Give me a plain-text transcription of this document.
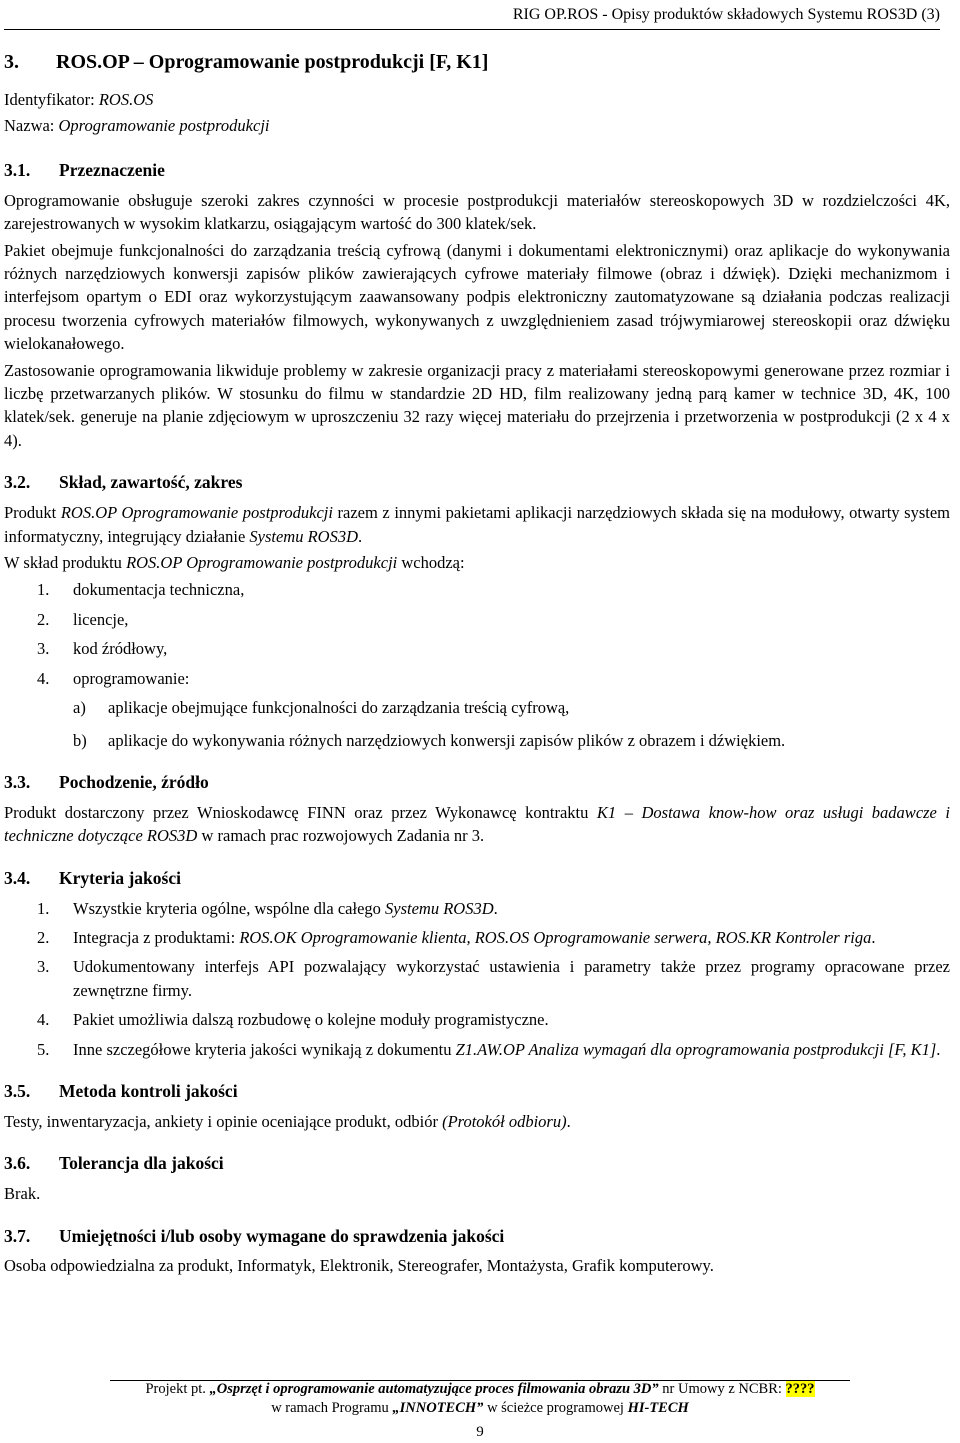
RIG OP.ROS - Opisy produktów składowych Systemu ROS3D (3)
3. ROS.OP – Oprogramowanie postprodukcji [F, K1]

Identyfikator: ROS.OS

Nazwa: Oprogramowanie postprodukcji

3.1. Przeznaczenie

Oprogramowanie obsługuje szeroki zakres czynności w procesie postprodukcji materiałów stereoskopowych 3D w rozdzielczości 4K, zarejestrowanych w wysokim klatkarzu, osiągającym wartość do 300 klatek/sek.

Pakiet obejmuje funkcjonalności do zarządzania treścią cyfrową (danymi i dokumentami elektronicznymi) oraz aplikacje do wykonywania różnych narzędziowych konwersji zapisów plików zawierających cyfrowe materiały filmowe (obraz i dźwięk). Dzięki mechanizmom i interfejsom opartym o EDI oraz wykorzystującym zaawansowany podpis elektroniczny zautomatyzowane są działania podczas realizacji procesu tworzenia cyfrowych materiałów filmowych, wykonywanych z uwzględnieniem zasad trójwymiarowej stereoskopii oraz dźwięku wielokanałowego.

Zastosowanie oprogramowania likwiduje problemy w zakresie organizacji pracy z materiałami stereoskopowymi generowane przez rozmiar i liczbę przetwarzanych plików. W stosunku do filmu w standardzie 2D HD, film realizowany jedną parą kamer w technice 3D, 4K, 100 klatek/sek. generuje na planie zdjęciowym w uproszczeniu 32 razy więcej materiału do przejrzenia i przetworzenia w postprodukcji (2 x 4 x 4).

3.2. Skład, zawartość, zakres

Produkt ROS.OP Oprogramowanie postprodukcji razem z innymi pakietami aplikacji narzędziowych składa się na modułowy, otwarty system informatyczny, integrujący działanie Systemu ROS3D.

W skład produktu ROS.OP Oprogramowanie postprodukcji wchodzą:

1. dokumentacja techniczna,
2. licencje,
3. kod źródłowy,
4. oprogramowanie:
a) aplikacje obejmujące funkcjonalności do zarządzania treścią cyfrową,
b) aplikacje do wykonywania różnych narzędziowych konwersji zapisów plików z obrazem i dźwiękiem.
3.3. Pochodzenie, źródło

Produkt dostarczony przez Wnioskodawcę FINN oraz przez Wykonawcę kontraktu K1 – Dostawa know-how oraz usługi badawcze i techniczne dotyczące ROS3D w ramach prac rozwojowych Zadania nr 3.

3.4. Kryteria jakości
1. Wszystkie kryteria ogólne, wspólne dla całego Systemu ROS3D.
2. Integracja z produktami: ROS.OK Oprogramowanie klienta, ROS.OS Oprogramowanie serwera, ROS.KR Kontroler riga.
3. Udokumentowany interfejs API pozwalający wykorzystać ustawienia i parametry także przez programy opracowane przez zewnętrzne firmy.
4. Pakiet umożliwia dalszą rozbudowę o kolejne moduły programistyczne.
5. Inne szczegółowe kryteria jakości wynikają z dokumentu Z1.AW.OP Analiza wymagań dla oprogramowania postprodukcji [F, K1].
3.5. Metoda kontroli jakości

Testy, inwentaryzacja, ankiety i opinie oceniające produkt, odbiór (Protokół odbioru).

3.6. Tolerancja dla jakości

Brak.

3.7. Umiejętności i/lub osoby wymagane do sprawdzenia jakości

Osoba odpowiedzialna za produkt, Informatyk, Elektronik, Stereografer, Montażysta, Grafik komputerowy.

Projekt pt. „Osprzęt i oprogramowanie automatyzujące proces filmowania obrazu 3D” nr Umowy z NCBR: ????
w ramach Programu „INNOTECH” w ścieżce programowej HI-TECH
9
